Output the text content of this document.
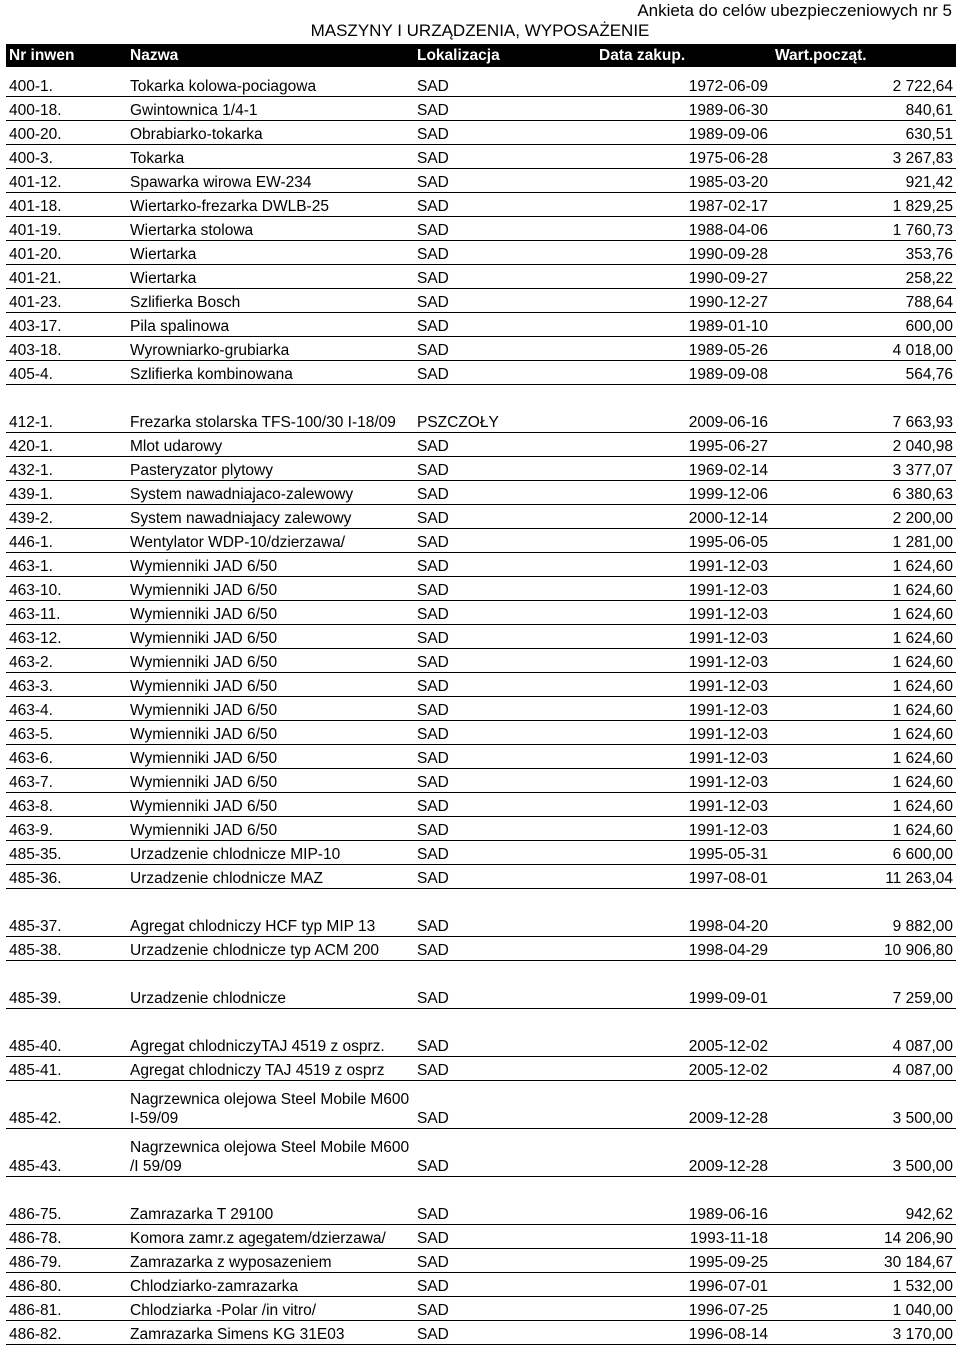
Ankieta do celów ubezpieczeniowych nr 5
MASZYNY I URZĄDZENIA, WYPOSAŻENIE
Nr inwen	Nazwa	Lokalizacja	Data zakup.	Wart.począt.

400-1.	Tokarka kolowa-pociagowa	SAD	1972-06-09	2 722,64
400-18.	Gwintownica 1/4-1	SAD	1989-06-30	840,61
400-20.	Obrabiarko-tokarka	SAD	1989-09-06	630,51
400-3.	Tokarka	SAD	1975-06-28	3 267,83
401-12.	Spawarka wirowa EW-234	SAD	1985-03-20	921,42
401-18.	Wiertarko-frezarka DWLB-25	SAD	1987-02-17	1 829,25
401-19.	Wiertarka stolowa	SAD	1988-04-06	1 760,73
401-20.	Wiertarka	SAD	1990-09-28	353,76
401-21.	Wiertarka	SAD	1990-09-27	258,22
401-23.	Szlifierka Bosch	SAD	1990-12-27	788,64
403-17.	Pila spalinowa	SAD	1989-01-10	600,00
403-18.	Wyrowniarko-grubiarka	SAD	1989-05-26	4 018,00
405-4.	Szlifierka kombinowana	SAD	1989-09-08	564,76
412-1.	Frezarka stolarska TFS-100/30 I-18/09	PSZCZOŁY	2009-06-16	7 663,93
420-1.	Mlot udarowy	SAD	1995-06-27	2 040,98
432-1.	Pasteryzator plytowy	SAD	1969-02-14	3 377,07
439-1.	System nawadniajaco-zalewowy	SAD	1999-12-06	6 380,63
439-2.	System nawadniajacy zalewowy	SAD	2000-12-14	2 200,00
446-1.	Wentylator WDP-10/dzierzawa/	SAD	1995-06-05	1 281,00
463-1.	Wymienniki JAD 6/50	SAD	1991-12-03	1 624,60
463-10.	Wymienniki JAD 6/50	SAD	1991-12-03	1 624,60
463-11.	Wymienniki JAD 6/50	SAD	1991-12-03	1 624,60
463-12.	Wymienniki JAD 6/50	SAD	1991-12-03	1 624,60
463-2.	Wymienniki JAD 6/50	SAD	1991-12-03	1 624,60
463-3.	Wymienniki JAD 6/50	SAD	1991-12-03	1 624,60
463-4.	Wymienniki JAD 6/50	SAD	1991-12-03	1 624,60
463-5.	Wymienniki JAD 6/50	SAD	1991-12-03	1 624,60
463-6.	Wymienniki JAD 6/50	SAD	1991-12-03	1 624,60
463-7.	Wymienniki JAD 6/50	SAD	1991-12-03	1 624,60
463-8.	Wymienniki JAD 6/50	SAD	1991-12-03	1 624,60
463-9.	Wymienniki JAD 6/50	SAD	1991-12-03	1 624,60
485-35.	Urzadzenie chlodnicze MIP-10	SAD	1995-05-31	6 600,00
485-36.	Urzadzenie chlodnicze MAZ	SAD	1997-08-01	11 263,04
485-37.	Agregat chlodniczy HCF typ MIP 13	SAD	1998-04-20	9 882,00
485-38.	Urzadzenie chlodnicze typ ACM 200	SAD	1998-04-29	10 906,80
485-39.	Urzadzenie chlodnicze	SAD	1999-09-01	7 259,00
485-40.	Agregat chlodniczyTAJ 4519 z osprz.	SAD	2005-12-02	4 087,00
485-41.	Agregat chlodniczy TAJ 4519 z osprz	SAD	2005-12-02	4 087,00
485-42.	Nagrzewnica olejowa Steel Mobile M600 I-59/09	SAD	2009-12-28	3 500,00
485-43.	Nagrzewnica olejowa Steel Mobile M600 /I 59/09	SAD	2009-12-28	3 500,00
486-75.	Zamrazarka T 29100	SAD	1989-06-16	942,62
486-78.	Komora zamr.z agegatem/dzierzawa/	SAD	1993-11-18	14 206,90
486-79.	Zamrazarka z wyposazeniem	SAD	1995-09-25	30 184,67
486-80.	Chlodziarko-zamrazarka	SAD	1996-07-01	1 532,00
486-81.	Chlodziarka -Polar /in vitro/	SAD	1996-07-25	1 040,00
486-82.	Zamrazarka Simens KG 31E03	SAD	1996-08-14	3 170,00
